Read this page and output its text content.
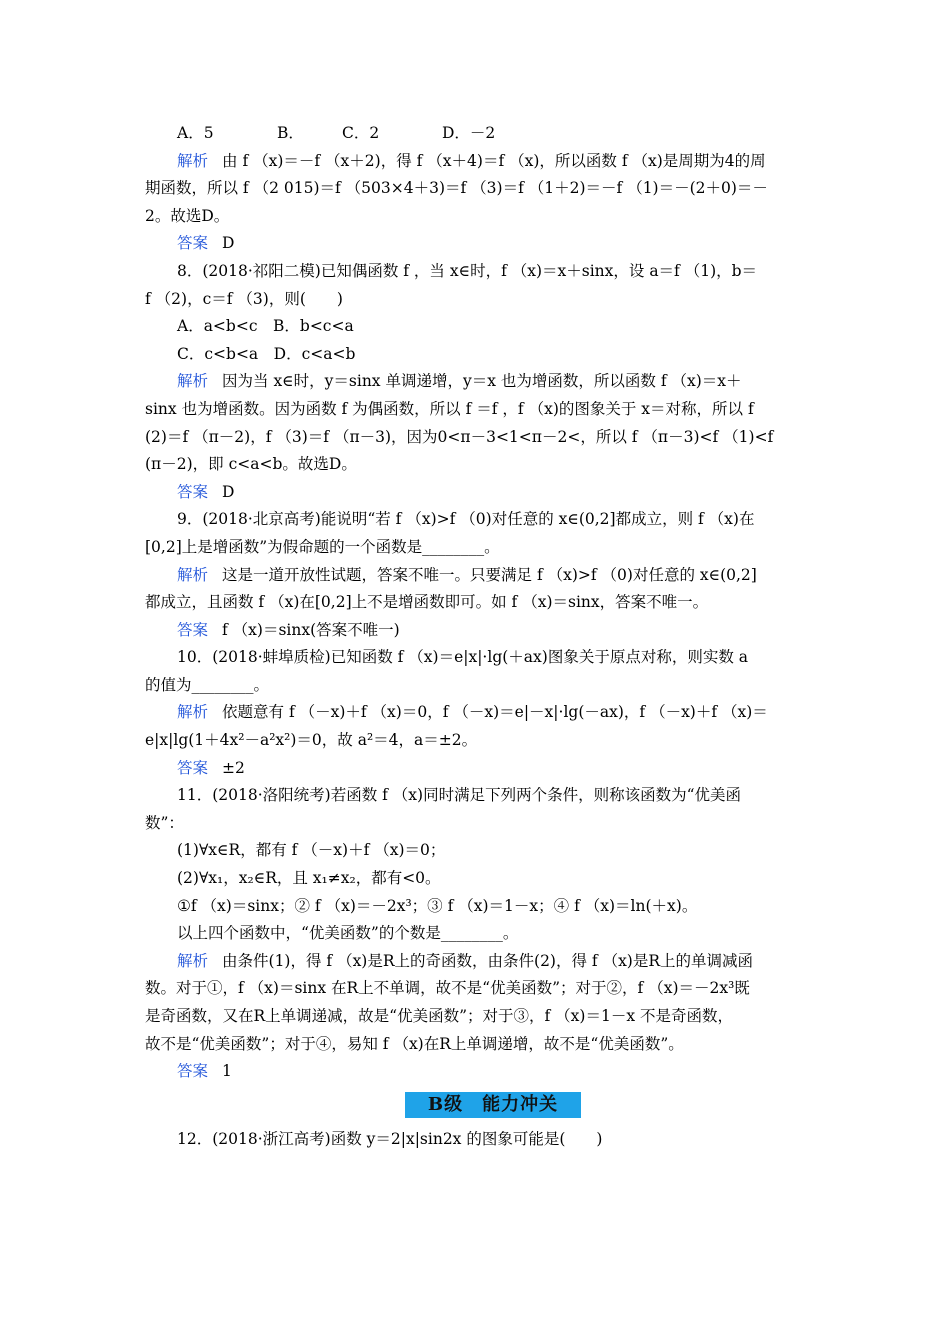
A．5	B． C．2	D．－2
解析 由 f （x)＝－f （x＋2)，得 f （x＋4)＝f （x)，所以函数 f （x)是周期为4的周
期函数，所以 f （2 015)＝f （503×4＋3)＝f （3)＝f （1＋2)＝－f （1)＝－(2＋0)＝－
2。故选D。
答案 D
8．(2018·祁阳二模)已知偶函数 f ，当 x∈时，f （x)＝x＋sinx，设 a＝f （1)，b＝
f （2)，c＝f （3)，则(　　)
A．a<b<c　B．b<c<a
C．c<b<a　D．c<a<b
解析 因为当 x∈时，y＝sinx 单调递增，y＝x 也为增函数，所以函数 f （x)＝x＋
sinx 也为增函数。因为函数 f 为偶函数，所以 f ＝f ，f （x)的图象关于 x＝对称，所以 f
(2)＝f （π－2)，f （3)＝f （π－3)，因为0<π－3<1<π－2<，所以 f （π－3)<f （1)<f
(π－2)，即 c<a<b。故选D。
答案 D
9．(2018·北京高考)能说明“若 f （x)>f （0)对任意的 x∈(0,2]都成立，则 f （x)在
[0,2]上是增函数”为假命题的一个函数是________。
解析 这是一道开放性试题，答案不唯一。只要满足 f （x)>f （0)对任意的 x∈(0,2]
都成立，且函数 f （x)在[0,2]上不是增函数即可。如 f （x)＝sinx，答案不唯一。
答案 f （x)＝sinx(答案不唯一)
10．(2018·蚌埠质检)已知函数 f （x)＝e|x|·lg(＋ax)图象关于原点对称，则实数 a
的值为________。
解析 依题意有 f （－x)＋f （x)＝0，f （－x)＝e|－x|·lg(－ax)，f （－x)＋f （x)＝
e|x|lg(1＋4x²－a²x²)＝0，故 a²＝4，a＝±2。
答案 ±2
11．(2018·洛阳统考)若函数 f （x)同时满足下列两个条件，则称该函数为“优美函
数”：
(1)∀x∈R，都有 f （－x)＋f （x)＝0；
(2)∀x₁，x₂∈R，且 x₁≠x₂，都有<0。
①f （x)＝sinx；② f （x)＝－2x³；③ f （x)＝1－x；④ f （x)＝ln(＋x)。
以上四个函数中，“优美函数”的个数是________。
解析 由条件(1)，得 f （x)是R上的奇函数，由条件(2)，得 f （x)是R上的单调减函
数。对于①，f （x)＝sinx 在R上不单调，故不是“优美函数”；对于②，f （x)＝－2x³既
是奇函数，又在R上单调递减，故是“优美函数”；对于③，f （x)＝1－x 不是奇函数，
故不是“优美函数”；对于④，易知 f （x)在R上单调递增，故不是“优美函数”。
答案 1
B级　能力冲关
12．(2018·浙江高考)函数 y＝2|x|sin2x 的图象可能是(　　)
